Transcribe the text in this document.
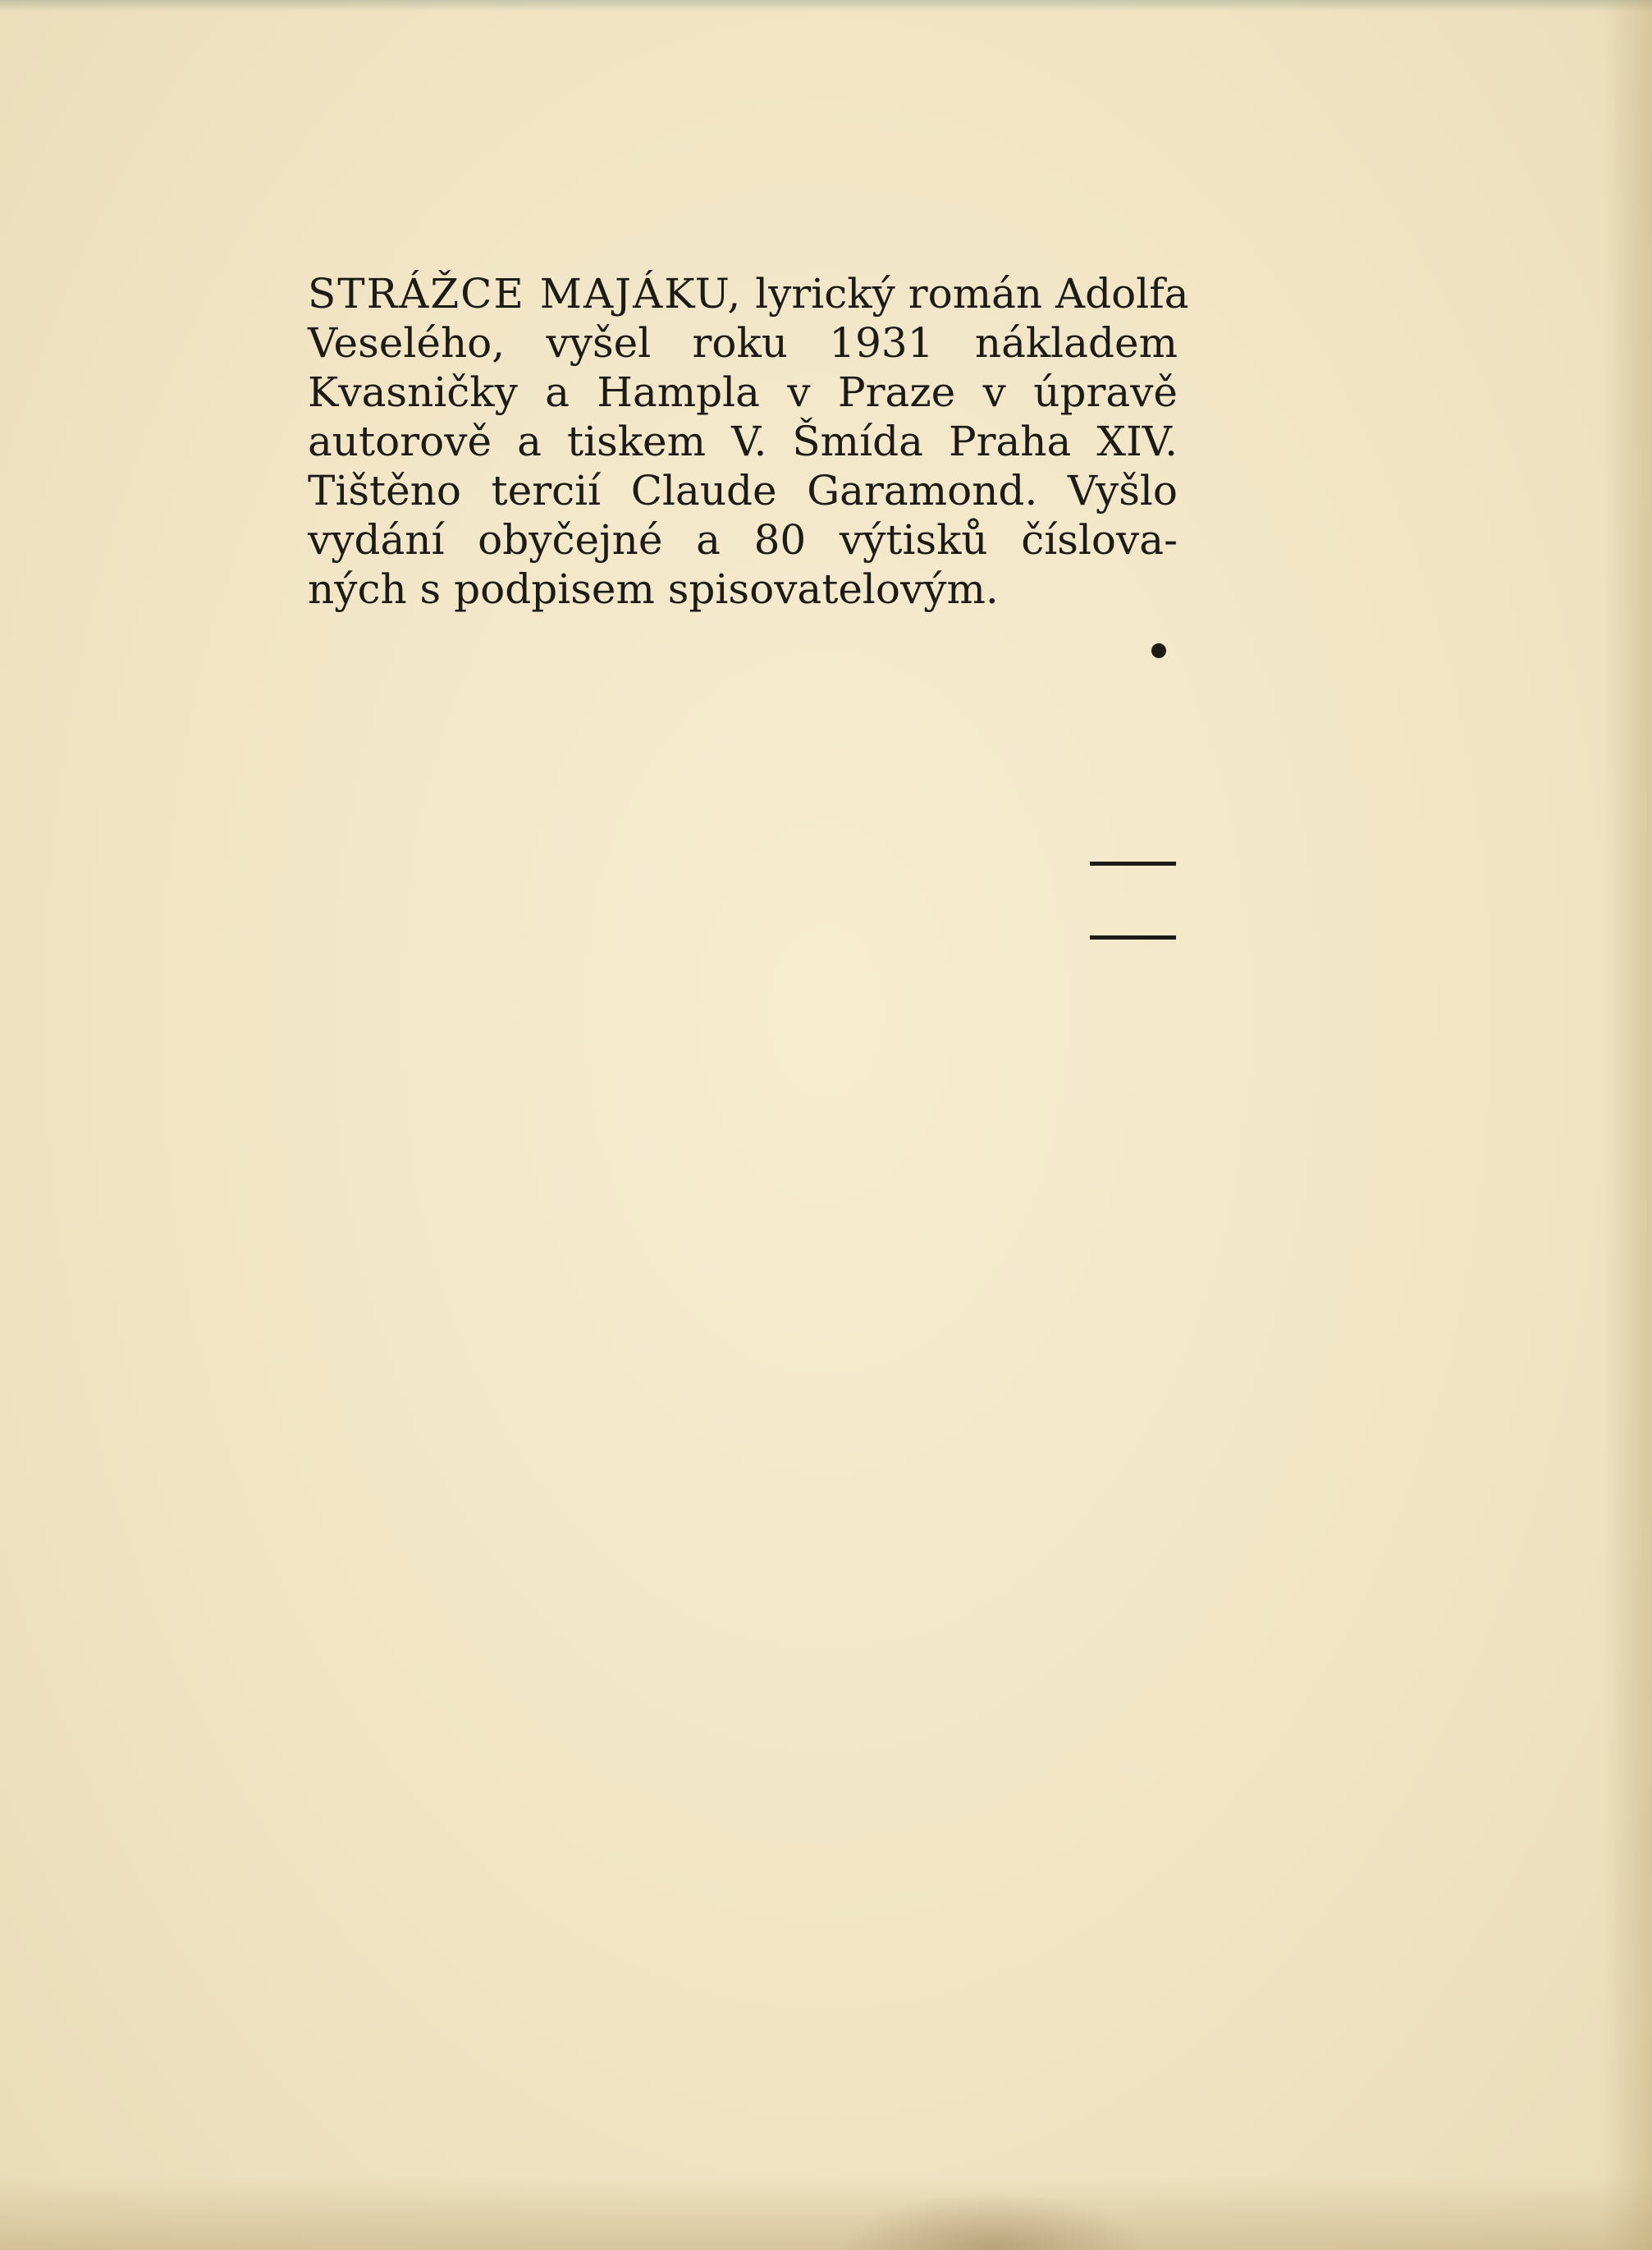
STRÁŽCE MAJÁKU, lyrický román Adolfa
Veselého, vyšel roku 1931 nákladem
Kvasničky a Hampla v Praze v úpravě
autorově a tiskem V. Šmída Praha XIV.
Tištěno tercií Claude Garamond. Vyšlo
vydání obyčejné a 80 výtisků číslova-
ných s podpisem spisovatelovým.
